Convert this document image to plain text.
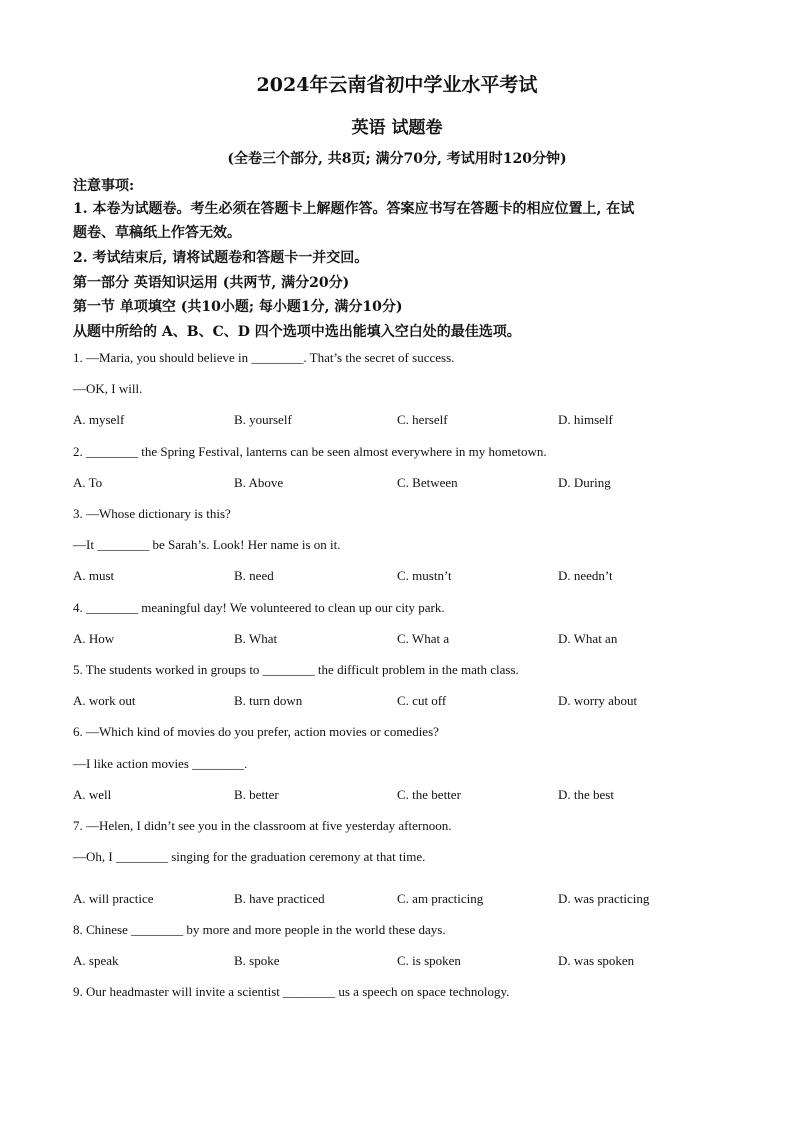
2024年云南省初中学业水平考试
英语 试题卷
(全卷三个部分, 共8页; 满分70分, 考试用时120分钟)
注意事项:
1. 本卷为试题卷。考生必须在答题卡上解题作答。答案应书写在答题卡的相应位置上, 在试
题卷、草稿纸上作答无效。
2. 考试结束后, 请将试题卷和答题卡一并交回。
第一部分 英语知识运用 (共两节, 满分20分)
第一节 单项填空 (共10小题; 每小题1分, 满分10分)
从题中所给的 A、B、C、D 四个选项中选出能填入空白处的最佳选项。
1. —Maria, you should believe in ________. That’s the secret of success.
—OK, I will.
A. myself	B. yourself	C. herself	D. himself
2. ________ the Spring Festival, lanterns can be seen almost everywhere in my hometown.
A. To	B. Above	C. Between	D. During
3. —Whose dictionary is this?
—It ________ be Sarah’s. Look! Her name is on it.
A. must	B. need	C. mustn’t	D. needn’t
4. ________ meaningful day! We volunteered to clean up our city park.
A. How	B. What	C. What a	D. What an
5. The students worked in groups to ________ the difficult problem in the math class.
A. work out	B. turn down	C. cut off	D. worry about
6. —Which kind of movies do you prefer, action movies or comedies?
—I like action movies ________.
A. well	B. better	C. the better	D. the best
7. —Helen, I didn’t see you in the classroom at five yesterday afternoon.
—Oh, I ________ singing for the graduation ceremony at that time.
A. will practice	B. have practiced	C. am practicing	D. was practicing
8. Chinese ________ by more and more people in the world these days.
A. speak	B. spoke	C. is spoken	D. was spoken
9. Our headmaster will invite a scientist ________ us a speech on space technology.
